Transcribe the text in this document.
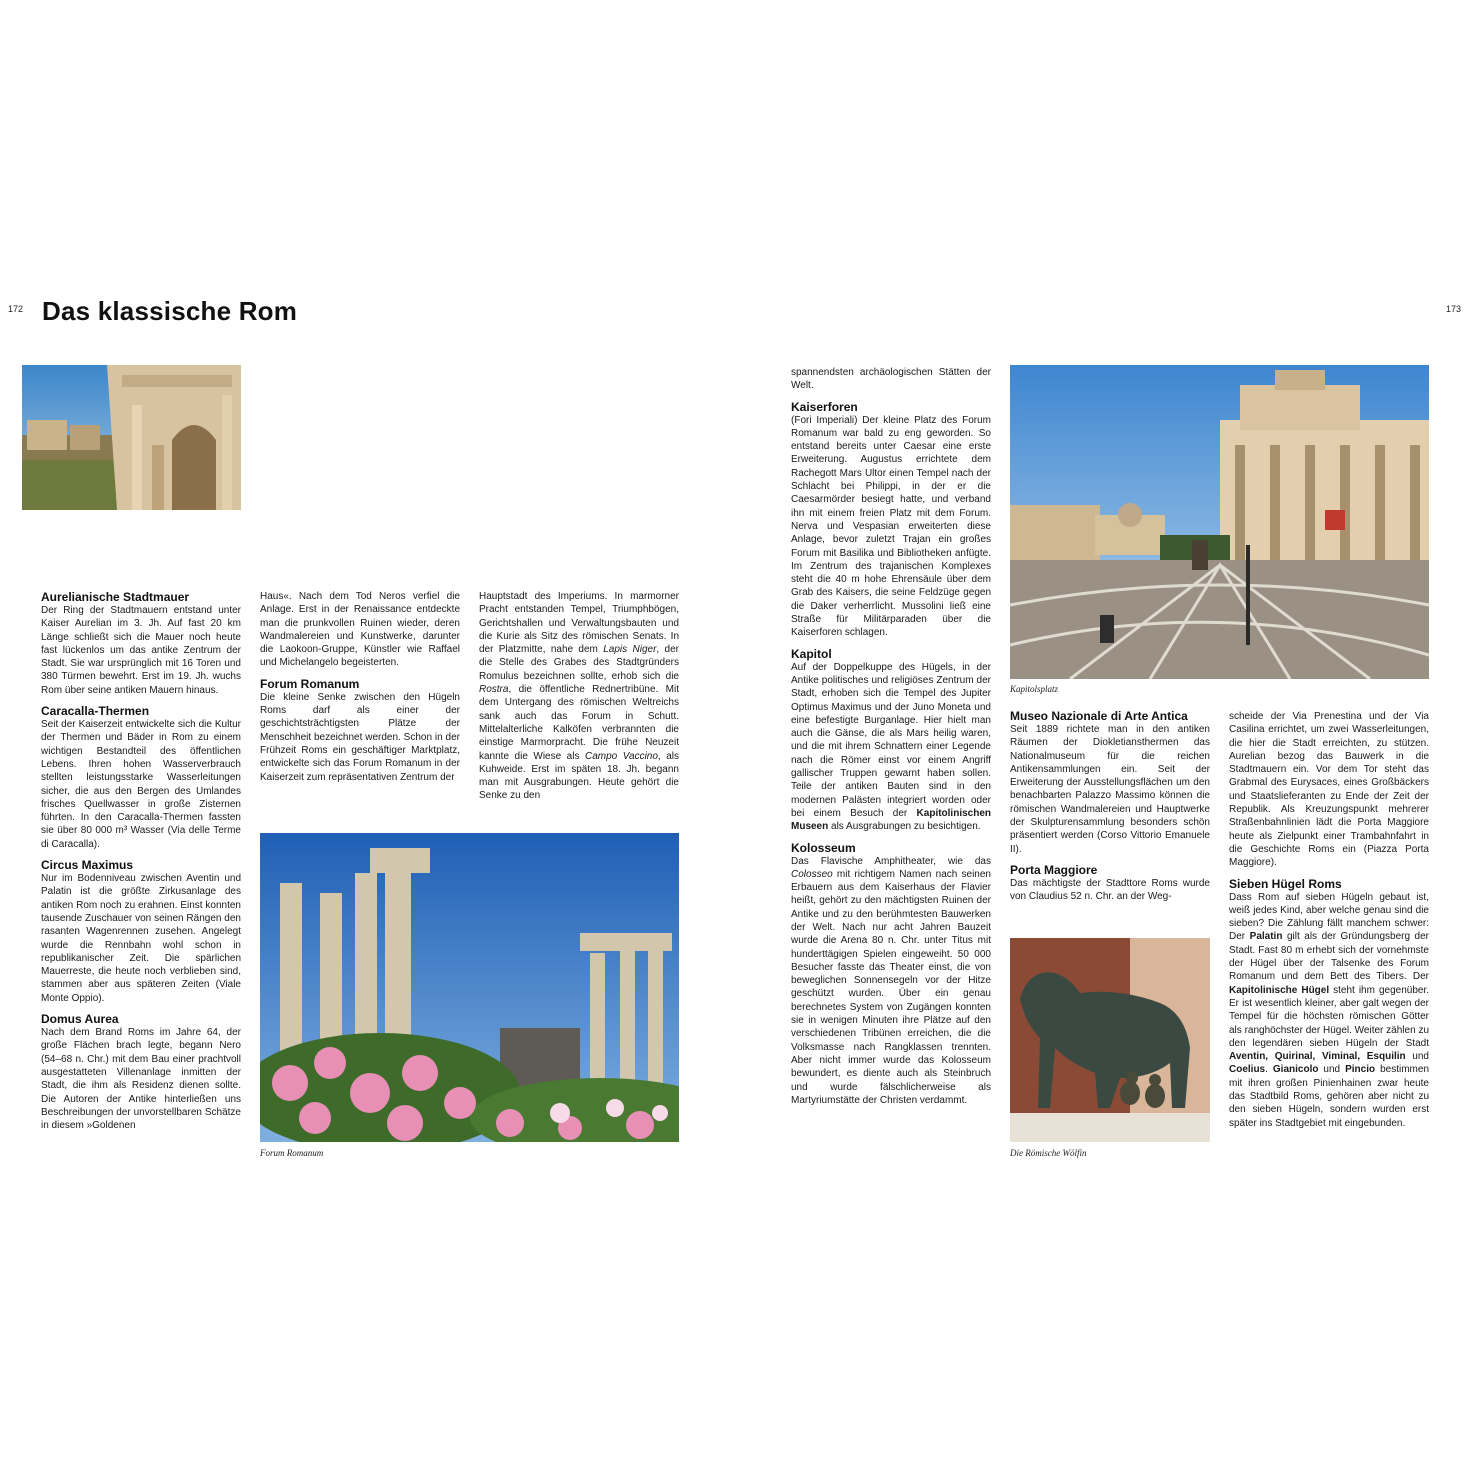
172	173
Das klassische Rom
Aurelianische Stadtmauer

Der Ring der Stadtmauern entstand unter Kaiser Aurelian im 3. Jh. Auf fast 20 km Länge schließt sich die Mauer noch heute fast lückenlos um das antike Zentrum der Stadt. Sie war ursprünglich mit 16 Toren und 380 Türmen bewehrt. Erst im 19. Jh. wuchs Rom über seine antiken Mauern hinaus.

Caracalla-Thermen

Seit der Kaiserzeit entwickelte sich die Kultur der Thermen und Bäder in Rom zu einem wichtigen Bestandteil des öffentlichen Lebens. Ihren hohen Wasserverbrauch stellten leistungsstarke Wasserleitungen sicher, die aus den Bergen des Umlandes frisches Quellwasser in große Zisternen führten. In den Caracalla-Thermen fassten sie über 80 000 m³ Wasser (Via delle Terme di Caracalla).

Circus Maximus

Nur im Bodenniveau zwischen Aventin und Palatin ist die größte Zirkusanlage des antiken Rom noch zu erahnen. Einst konnten tausende Zuschauer von seinen Rängen den rasanten Wagenrennen zusehen. Angelegt wurde die Rennbahn wohl schon in republikanischer Zeit. Die spärlichen Mauerreste, die heute noch verblieben sind, stammen aber aus späteren Zeiten (Viale Monte Oppio).

Domus Aurea

Nach dem Brand Roms im Jahre 64, der große Flächen brach legte, begann Nero (54–68 n. Chr.) mit dem Bau einer prachtvoll ausgestatteten Villenanlage inmitten der Stadt, die ihm als Residenz dienen sollte. Die Autoren der Antike hinterließen uns Beschreibungen der unvorstellbaren Schätze in diesem »Goldenen

Haus«. Nach dem Tod Neros verfiel die Anlage. Erst in der Renaissance entdeckte man die prunkvollen Ruinen wieder, deren Wandmalereien und Kunstwerke, darunter die Laokoon-Gruppe, Künstler wie Raffael und Michelangelo begeisterten.

Forum Romanum

Die kleine Senke zwischen den Hügeln Roms darf als einer der geschichtsträchtigsten Plätze der Menschheit bezeichnet werden. Schon in der Frühzeit Roms ein geschäftiger Marktplatz, entwickelte sich das Forum Romanum in der Kaiserzeit zum repräsentativen Zentrum der

Hauptstadt des Imperiums. In marmorner Pracht entstanden Tempel, Triumphbögen, Gerichtshallen und Verwaltungsbauten und die Kurie als Sitz des römischen Senats. In der Platzmitte, nahe dem Lapis Niger, der die Stelle des Grabes des Stadtgründers Romulus bezeichnen sollte, erhob sich die Rostra, die öffentliche Rednertribüne. Mit dem Untergang des römischen Weltreichs sank auch das Forum in Schutt. Mittelalterliche Kalköfen verbrannten die einstige Marmorpracht. Die frühe Neuzeit kannte die Wiese als Campo Vaccino, als Kuhweide. Erst im späten 18. Jh. begann man mit Ausgrabungen. Heute gehört die Senke zu den

Forum Romanum

spannendsten archäologischen Stätten der Welt.

Kaiserforen

(Fori Imperiali) Der kleine Platz des Forum Romanum war bald zu eng geworden. So entstand bereits unter Caesar eine erste Erweiterung. Augustus errichtete dem Rachegott Mars Ultor einen Tempel nach der Schlacht bei Philippi, in der er die Caesarmörder besiegt hatte, und verband ihn mit einem freien Platz mit dem Forum. Nerva und Vespasian erweiterten diese Anlage, bevor zuletzt Trajan ein großes Forum mit Basilika und Bibliotheken anfügte. Im Zentrum des trajanischen Komplexes steht die 40 m hohe Ehrensäule über dem Grab des Kaisers, die seine Feldzüge gegen die Daker verherrlicht. Mussolini ließ eine Straße für Militärparaden über die Kaiserforen schlagen.

Kapitol

Auf der Doppelkuppe des Hügels, in der Antike politisches und religiöses Zentrum der Stadt, erhoben sich die Tempel des Jupiter Optimus Maximus und der Juno Moneta und eine befestigte Burganlage. Hier hielt man auch die Gänse, die als Mars heilig waren, und die mit ihrem Schnattern einer Legende nach die Römer einst vor einem Angriff gallischer Truppen gewarnt haben sollen. Teile der antiken Bauten sind in den modernen Palästen integriert worden oder bei einem Besuch der Kapitolinischen Museen als Ausgrabungen zu besichtigen.

Kolosseum

Das Flavische Amphitheater, wie das Colosseo mit richtigem Namen nach seinen Erbauern aus dem Kaiserhaus der Flavier heißt, gehört zu den mächtigsten Ruinen der Antike und zu den berühmtesten Bauwerken der Welt. Nach nur acht Jahren Bauzeit wurde die Arena 80 n. Chr. unter Titus mit hunderttägigen Spielen eingeweiht. 50 000 Besucher fasste das Theater einst, die von beweglichen Sonnensegeln vor der Hitze geschützt wurden. Über ein genau berechnetes System von Zugängen konnten sie in wenigen Minuten ihre Plätze auf den verschiedenen Tribünen erreichen, die die Volksmasse nach Rangklassen trennten. Aber nicht immer wurde das Kolosseum bewundert, es diente auch als Steinbruch und wurde fälschlicherweise als Martyriumstätte der Christen verdammt.

Kapitolsplatz
Museo Nazionale di Arte Antica

Seit 1889 richtete man in den antiken Räumen der Diokletiansthermen das Nationalmuseum für die reichen Antikensammlungen ein. Seit der Erweiterung der Ausstellungsflächen um den benachbarten Palazzo Massimo können die römischen Wandmalereien und Hauptwerke der Skulpturensammlung besonders schön präsentiert werden (Corso Vittorio Emanuele II).

Porta Maggiore

Das mächtigste der Stadttore Roms wurde von Claudius 52 n. Chr. an der Weg-

Die Römische Wölfin

scheide der Via Prenestina und der Via Casilina errichtet, um zwei Wasserleitungen, die hier die Stadt erreichten, zu stützen. Aurelian bezog das Bauwerk in die Stadtmauern ein. Vor dem Tor steht das Grabmal des Eurysaces, eines Großbäckers und Staatslieferanten zu Ende der Zeit der Republik. Als Kreuzungspunkt mehrerer Straßenbahnlinien lädt die Porta Maggiore heute als Zielpunkt einer Trambahnfahrt in die Geschichte Roms ein (Piazza Porta Maggiore).

Sieben Hügel Roms

Dass Rom auf sieben Hügeln gebaut ist, weiß jedes Kind, aber welche genau sind die sieben? Die Zählung fällt manchem schwer: Der Palatin gilt als der Gründungsberg der Stadt. Fast 80 m erhebt sich der vornehmste der Hügel über der Talsenke des Forum Romanum und dem Bett des Tibers. Der Kapitolinische Hügel steht ihm gegenüber. Er ist wesentlich kleiner, aber galt wegen der Tempel für die höchsten römischen Götter als ranghöchster der Hügel. Weiter zählen zu den legendären sieben Hügeln der Stadt Aventin, Quirinal, Viminal, Esquilin und Coelius. Gianicolo und Pincio bestimmen mit ihren großen Pinienhainen zwar heute das Stadtbild Roms, gehören aber nicht zu den sieben Hügeln, sondern wurden erst später ins Stadtgebiet mit eingebunden.
